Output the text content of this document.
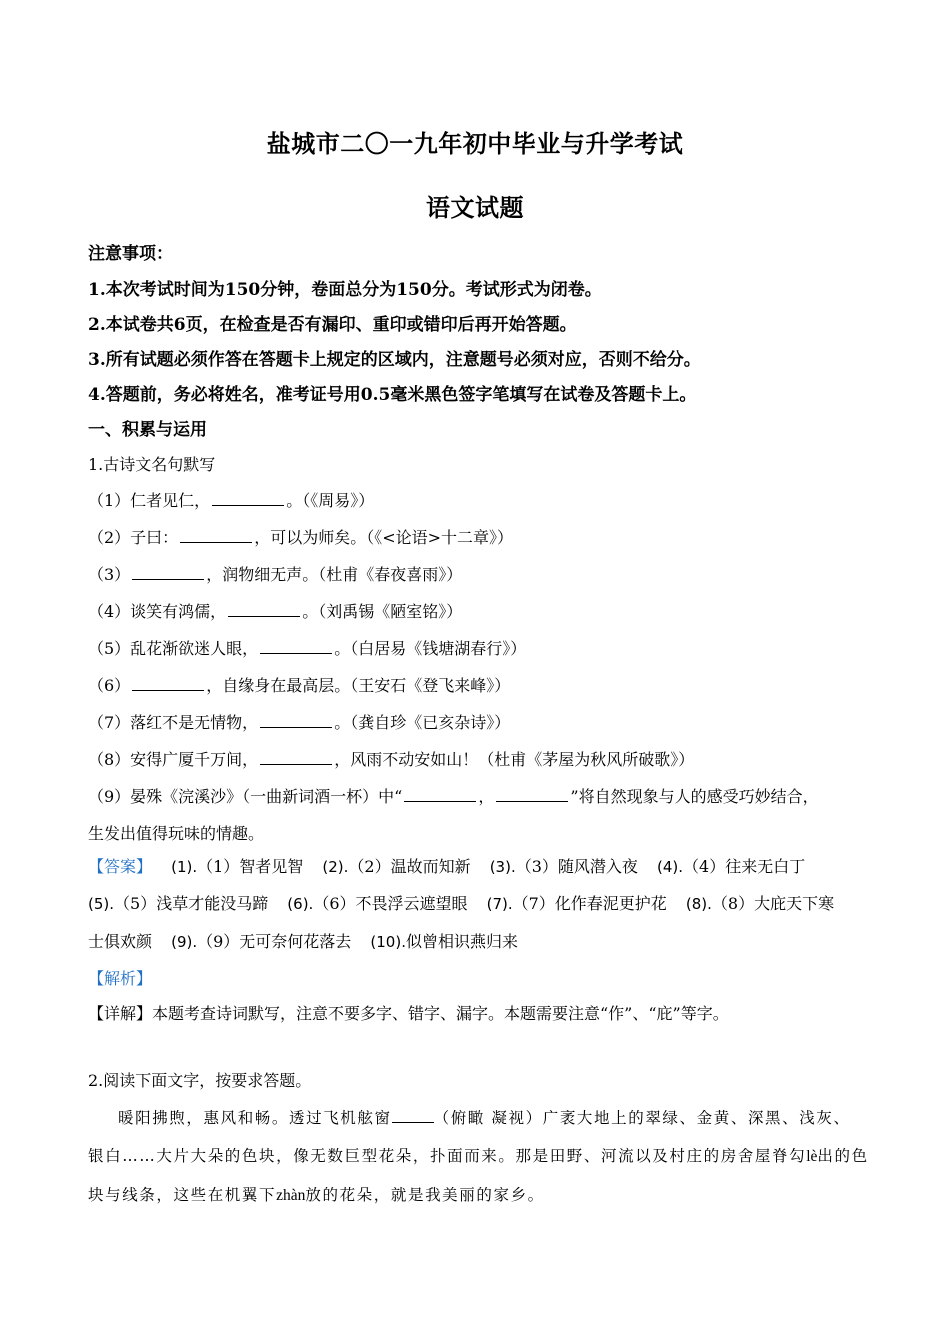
盐城市二〇一九年初中毕业与升学考试
语文试题
注意事项：
1.本次考试时间为150分钟，卷面总分为150分。考试形式为闭卷。
2.本试卷共6页，在检查是否有漏印、重印或错印后再开始答题。
3.所有试题必须作答在答题卡上规定的区域内，注意题号必须对应，否则不给分。
4.答题前，务必将姓名，准考证号用0.5毫米黑色签字笔填写在试卷及答题卡上。
一、积累与运用
1.古诗文名句默写
（1）仁者见仁，	。（《周易》）
（2）子曰：	，可以为师矣。（《<论语>十二章》）
（3）	，润物细无声。（杜甫《春夜喜雨》）
（4）谈笑有鸿儒，	。（刘禹锡《陋室铭》）
（5）乱花渐欲迷人眼，	。（白居易《钱塘湖春行》）
（6）	，自缘身在最高层。（王安石《登飞来峰》）
（7）落红不是无情物，	。（龚自珍《已亥杂诗》）
（8）安得广厦千万间，	，风雨不动安如山！（杜甫《茅屋为秋风所破歌》）
（9）晏殊《浣溪沙》（一曲新词酒一杯）中“	，	”将自然现象与人的感受巧妙结合，
生发出值得玩味的情趣。
【答案】 (1).（1）智者见智 (2).（2）温故而知新 (3).（3）随风潜入夜 (4).（4）往来无白丁
(5).（5）浅草才能没马蹄 (6).（6）不畏浮云遮望眼 (7).（7）化作春泥更护花 (8).（8）大庇天下寒
士俱欢颜 (9).（9）无可奈何花落去 (10).似曾相识燕归来
【解析】
【详解】本题考查诗词默写，注意不要多字、错字、漏字。本题需要注意“作”、“庇”等字。
2.阅读下面文字，按要求答题。

暖阳拂煦，惠风和畅。透过飞机舷窗	（俯瞰 凝视）广袤大地上的翠绿、金黄、深黑、浅灰、

银白……大片大朵的色块，像无数巨型花朵，扑面而来。那是田野、河流以及村庄的房舍屋脊勾lè出的色

块与线条，这些在机翼下zhàn放的花朵，就是我美丽的家乡。
